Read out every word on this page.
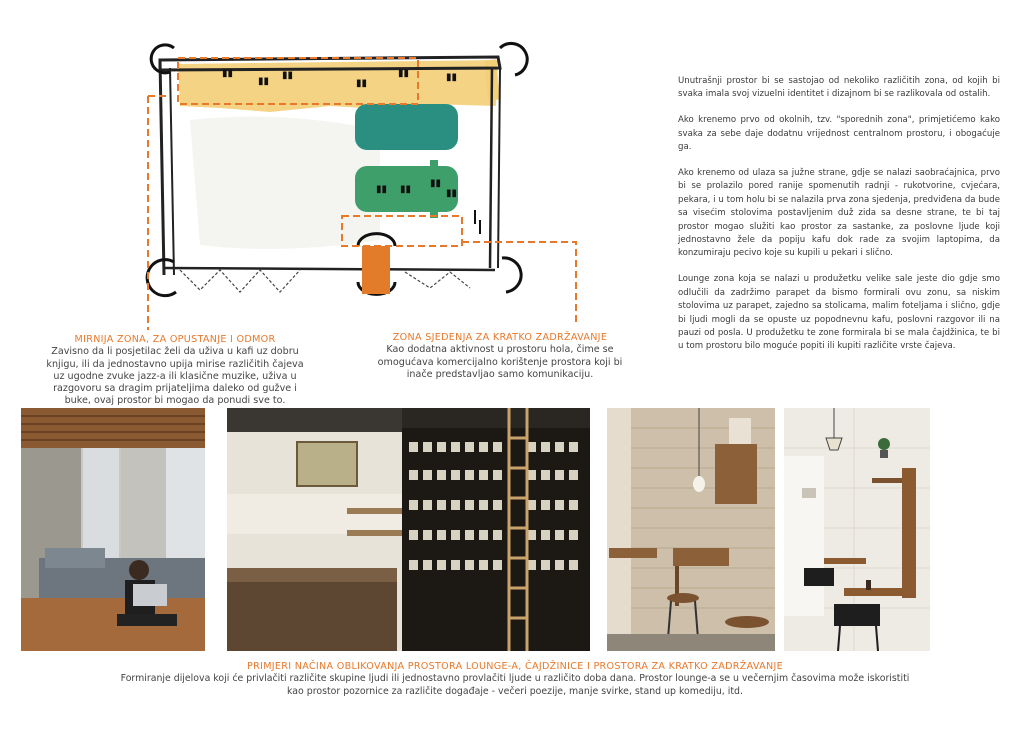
▮▮
▮▮
▮▮
▮▮
▮▮	▮▮
▮▮ ▮▮
▮▮
▮▮

Unutrašnji prostor bi se sastojao od nekoliko različitih zona, od kojih bi svaka imala svoj vizuelni identitet i dizajnom bi se razlikovala od ostalih.

Ako krenemo prvo od okolnih, tzv. "sporednih zona", primjetićemo kako svaka za sebe daje dodatnu vrijednost centralnom prostoru, i obogaćuje ga.

Ako krenemo od ulaza sa južne strane, gdje se nalazi saobraćajnica, prvo bi se prolazilo pored ranije spomenutih radnji - rukotvorine, cvjećara, pekara, i u tom holu bi se nalazila prva zona sjedenja, predviđena da bude sa visećim stolovima postavljenim duž zida sa desne strane, te bi taj prostor mogao služiti kao prostor za sastanke, za poslovne ljude koji jednostavno žele da popiju kafu dok rade za svojim laptopima, da konzumiraju pecivo koje su kupili u pekari i slično.

Lounge zona koja se nalazi u produžetku velike sale jeste dio gdje smo odlučili da zadržimo parapet da bismo formirali ovu zonu, sa niskim stolovima uz parapet, zajedno sa stolicama, malim foteljama i slično, gdje bi ljudi mogli da se opuste uz popodnevnu kafu, poslovni razgovor ili na pauzi od posla. U produžetku te zone formirala bi se mala čajdžinica, te bi u tom prostoru bilo moguće popiti ili kupiti različite vrste čajeva.

MIRNIJA ZONA, ZA OPUSTANJE I ODMOR
Zavisno da li posjetilac želi da uživa u kafi uz dobru knjigu, ili da jednostavno upija mirise različitih čajeva uz ugodne zvuke jazz-a ili klasične muzike, uživa u razgovoru sa dragim prijateljima daleko od gužve i buke, ovaj prostor bi mogao da ponudi sve to.
ZONA SJEDENJA ZA KRATKO ZADRŽAVANJE
Kao dodatna aktivnost u prostoru hola, čime se omogućava komercijalno korištenje prostora koji bi inače predstavljao samo komunikaciju.
PRIMJERI NAČINA OBLIKOVANJA PROSTORA LOUNGE-A, ČAJDŽINICE I PROSTORA ZA KRATKO ZADRŽAVANJE
Formiranje dijelova koji će privlačiti različite skupine ljudi ili jednostavno provlačiti ljude u različito doba dana. Prostor lounge-a se u večernjim časovima može iskoristiti kao prostor pozornice za različite događaje - večeri poezije, manje svirke, stand up komediju, itd.
